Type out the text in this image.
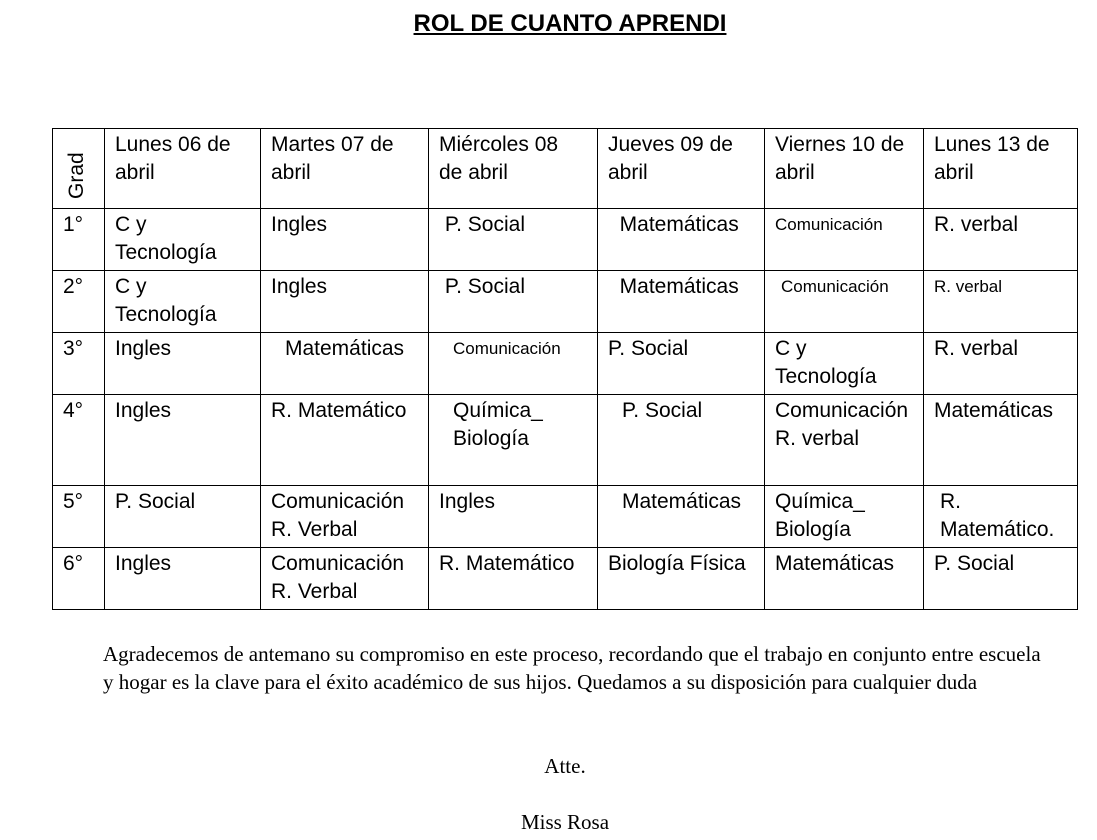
ROL DE CUANTO APRENDI
Grad	Lunes 06 de abril	Martes 07 de abril	Miércoles 08 de abril	Jueves 09 de abril	Viernes 10 de abril	Lunes 13 de abril
1°	C y Tecnología	Ingles	P. Social	Matemáticas	Comunicación	R. verbal
2°	C y Tecnología	Ingles	P. Social	Matemáticas	Comunicación	R. verbal
3°	Ingles	Matemáticas	Comunicación	P. Social	C y Tecnología	R. verbal
4°	Ingles	R. Matemático	Química_ Biología	P. Social	Comunicación R. verbal	Matemáticas
5°	P. Social	Comunicación R. Verbal	Ingles	Matemáticas	Química_ Biología	R. Matemático.
6°	Ingles	Comunicación R. Verbal	R. Matemático	Biología Física	Matemáticas	P. Social
Agradecemos de antemano su compromiso en este proceso, recordando que el trabajo en conjunto entre escuela y hogar es la clave para el éxito académico de sus hijos. Quedamos a su disposición para cualquier duda
Atte.
Miss Rosa
